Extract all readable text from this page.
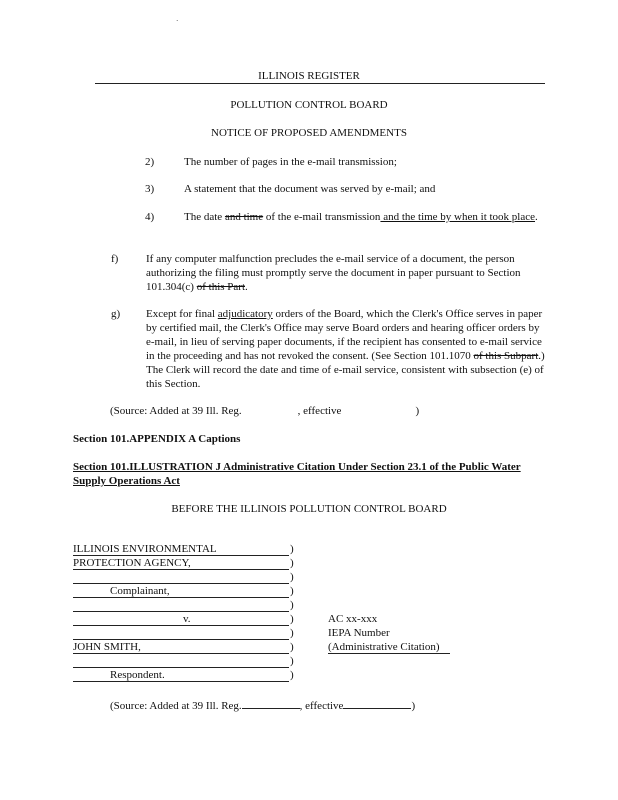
·
ILLINOIS REGISTER
POLLUTION CONTROL BOARD
NOTICE OF PROPOSED AMENDMENTS
2)	The number of pages in the e-mail transmission;
3)	A statement that the document was served by e-mail; and
4)	The date and time of the e-mail transmission and the time by when it took place.
f)	If any computer malfunction precludes the e-mail service of a document, the person authorizing the filing must promptly serve the document in paper pursuant to Section 101.304(c) of this Part.
g) Except for final adjudicatory orders of the Board, which the Clerk's Office serves in paper by certified mail, the Clerk's Office may serve Board orders and hearing officer orders by e-mail, in lieu of serving paper documents, if the recipient has consented to e-mail service in the proceeding and has not revoked the consent. (See Section 101.1070 of this Subpart.) The Clerk will record the date and time of e-mail service, consistent with subsection (e) of this Section.
(Source: Added at 39 Ill. Reg.	, effective	)
Section 101.APPENDIX A Captions
Section 101.ILLUSTRATION J Administrative Citation Under Section 23.1 of the Public Water Supply Operations Act
BEFORE THE ILLINOIS POLLUTION CONTROL BOARD
ILLINOIS ENVIRONMENTAL	)
PROTECTION AGENCY,	)
)
Complainant,	)
)
v.	)	AC xx-xxx
)	IEPA Number
JOHN SMITH,	)	(Administrative Citation)
)
Respondent.	)
(Source: Added at 39 Ill. Reg.	, effective	)
